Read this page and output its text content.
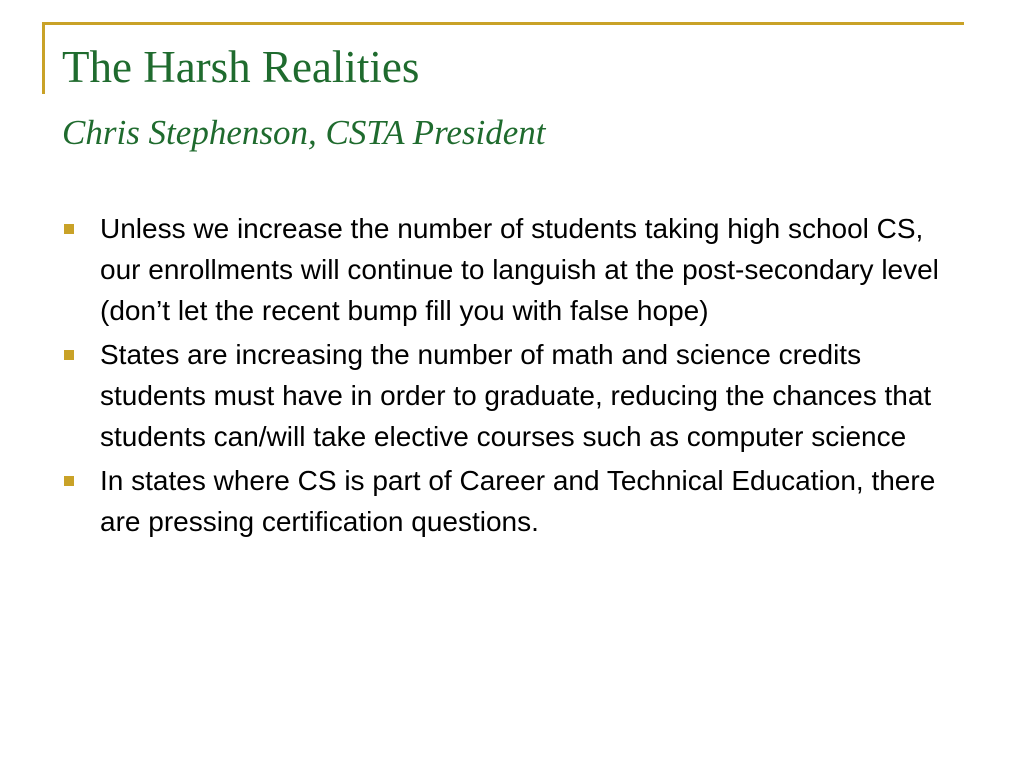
The Harsh Realities
Chris Stephenson, CSTA President
Unless we increase the number of students taking high school CS, our enrollments will continue to languish at the post-secondary level (don’t let the recent bump fill you with false hope)
States are increasing the number of math and science credits students must have in order to graduate, reducing the chances that students can/will take elective courses such as computer science
In states where CS is part of Career and Technical Education, there are pressing certification questions.
